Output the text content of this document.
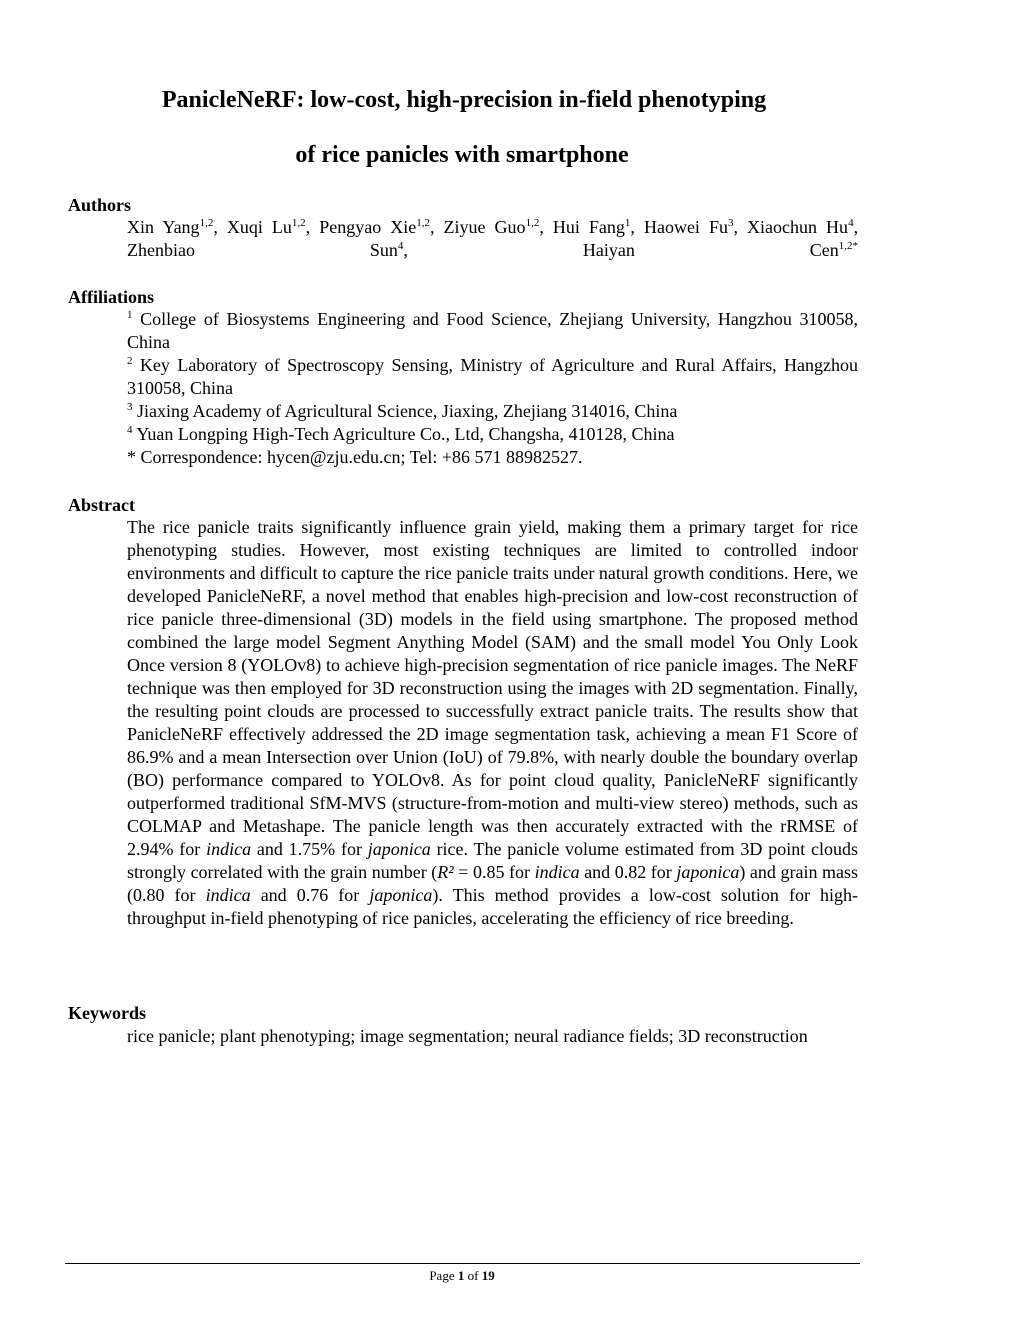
PanicleNeRF: low-cost, high-precision in-field phenotyping
of rice panicles with smartphone
Authors
Xin Yang$^{1,2}$, Xuqi Lu$^{1,2}$, Pengyao Xie$^{1,2}$, Ziyue Guo$^{1,2}$, Hui Fang$^1$, Haowei Fu$^3$, Xiaochun Hu$^4$, Zhenbiao Sun$^4$, Haiyan Cen$^{1,2*}$
Affiliations
$^1$ College of Biosystems Engineering and Food Science, Zhejiang University, Hangzhou 310058, China
$^2$ Key Laboratory of Spectroscopy Sensing, Ministry of Agriculture and Rural Affairs, Hangzhou 310058, China
$^3$ Jiaxing Academy of Agricultural Science, Jiaxing, Zhejiang 314016, China
$^4$ Yuan Longping High-Tech Agriculture Co., Ltd, Changsha, 410128, China
* Correspondence: hycen@zju.edu.cn; Tel: +86 571 88982527.
Abstract
The rice panicle traits significantly influence grain yield, making them a primary target for rice phenotyping studies. However, most existing techniques are limited to controlled indoor environments and difficult to capture the rice panicle traits under natural growth conditions. Here, we developed PanicleNeRF, a novel method that enables high-precision and low-cost reconstruction of rice panicle three-dimensional (3D) models in the field using smartphone. The proposed method combined the large model Segment Anything Model (SAM) and the small model You Only Look Once version 8 (YOLOv8) to achieve high-precision segmentation of rice panicle images. The NeRF technique was then employed for 3D reconstruction using the images with 2D segmentation. Finally, the resulting point clouds are processed to successfully extract panicle traits. The results show that PanicleNeRF effectively addressed the 2D image segmentation task, achieving a mean F1 Score of 86.9% and a mean Intersection over Union (IoU) of 79.8%, with nearly double the boundary overlap (BO) performance compared to YOLOv8. As for point cloud quality, PanicleNeRF significantly outperformed traditional SfM-MVS (structure-from-motion and multi-view stereo) methods, such as COLMAP and Metashape. The panicle length was then accurately extracted with the rRMSE of 2.94% for indica and 1.75% for japonica rice. The panicle volume estimated from 3D point clouds strongly correlated with the grain number (R² = 0.85 for indica and 0.82 for japonica) and grain mass (0.80 for indica and 0.76 for japonica). This method provides a low-cost solution for high-throughput in-field phenotyping of rice panicles, accelerating the efficiency of rice breeding.
Keywords
rice panicle; plant phenotyping; image segmentation; neural radiance fields; 3D reconstruction
Page 1 of 19
